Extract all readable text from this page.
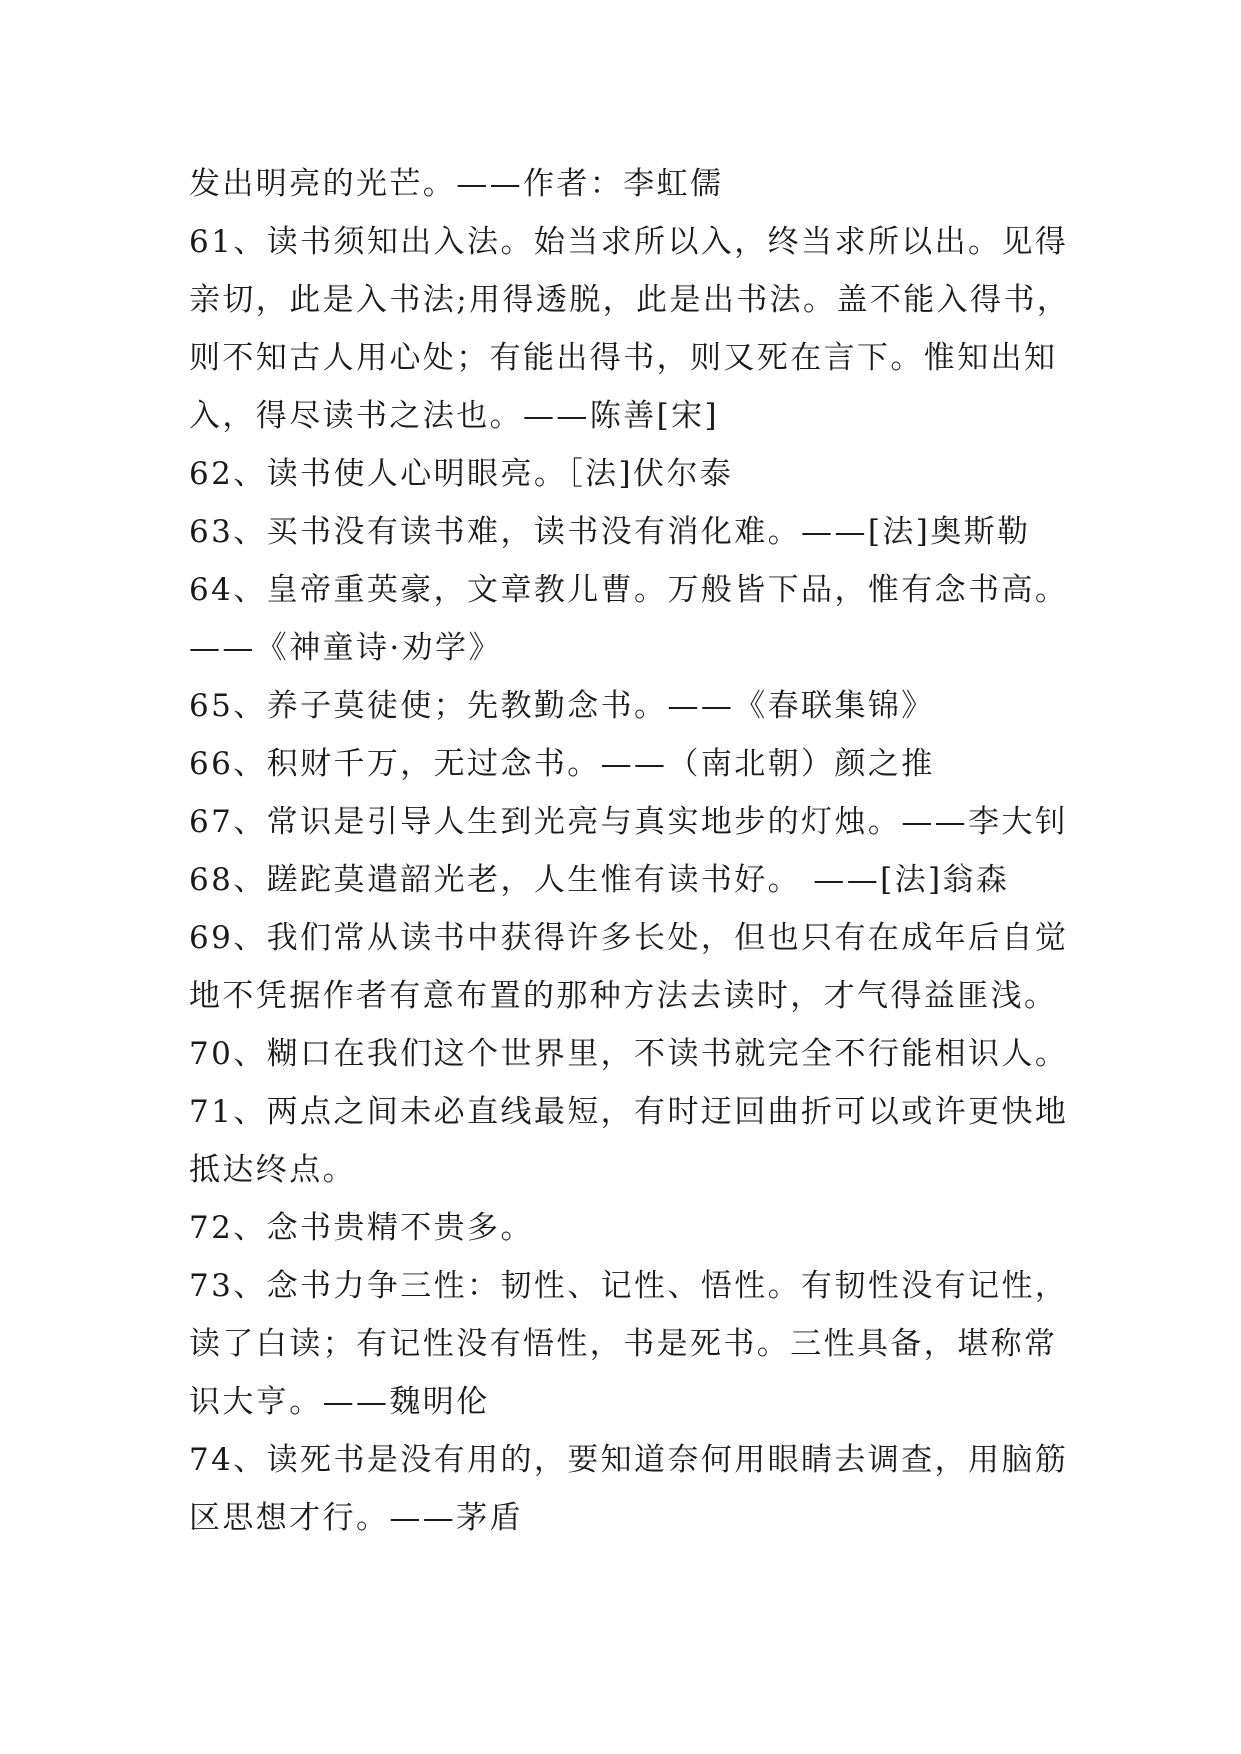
发出明亮的光芒。——作者：李虹儒
61、读书须知出入法。始当求所以入，终当求所以出。见得
亲切，此是入书法;用得透脱，此是出书法。盖不能入得书，
则不知古人用心处；有能出得书，则又死在言下。惟知出知
入，得尽读书之法也。——陈善[宋]
62、读书使人心明眼亮。［法]伏尔泰
63、买书没有读书难，读书没有消化难。——[法]奥斯勒
64、皇帝重英豪，文章教儿曹。万般皆下品，惟有念书高。
——《神童诗·劝学》
65、养子莫徒使；先教勤念书。——《春联集锦》
66、积财千万，无过念书。——（南北朝）颜之推
67、常识是引导人生到光亮与真实地步的灯烛。——李大钊
68、蹉跎莫遣韶光老，人生惟有读书好。 ——[法]翁森
69、我们常从读书中获得许多长处，但也只有在成年后自觉
地不凭据作者有意布置的那种方法去读时，才气得益匪浅。
70、糊口在我们这个世界里，不读书就完全不行能相识人。
71、两点之间未必直线最短，有时迂回曲折可以或许更快地
抵达终点。
72、念书贵精不贵多。
73、念书力争三性：韧性、记性、悟性。有韧性没有记性，
读了白读；有记性没有悟性，书是死书。三性具备，堪称常
识大亨。——魏明伦
74、读死书是没有用的，要知道奈何用眼睛去调查，用脑筋
区思想才行。——茅盾
